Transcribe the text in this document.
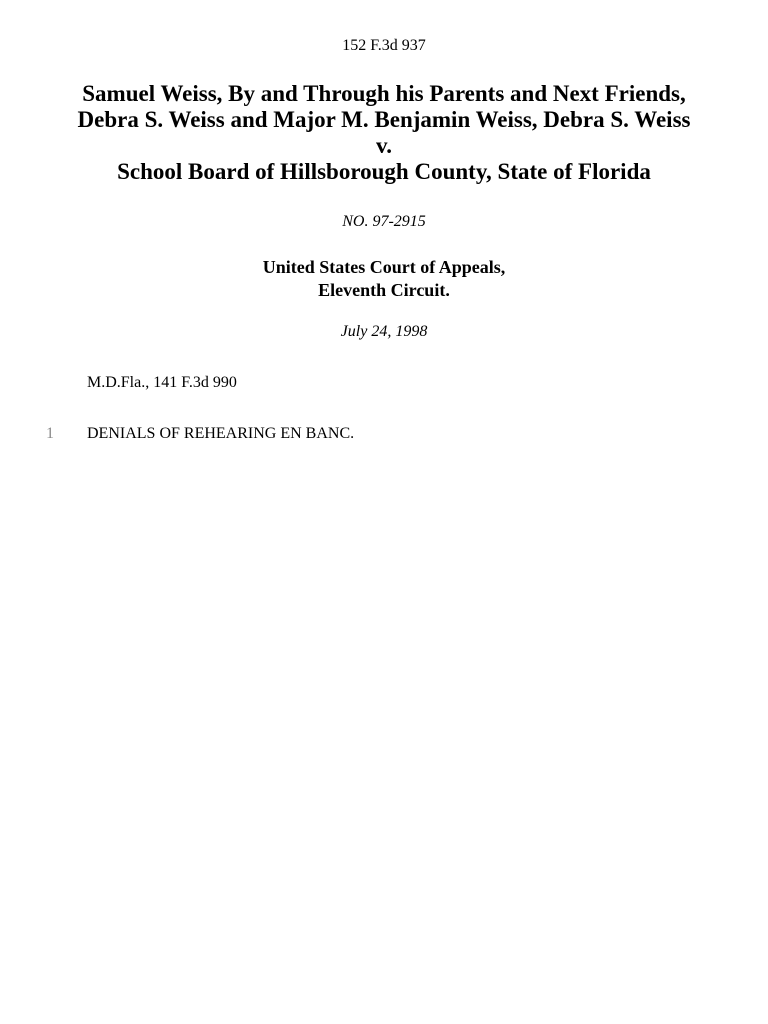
152 F.3d 937
Samuel Weiss, By and Through his Parents and Next Friends,
Debra S. Weiss and Major M. Benjamin Weiss, Debra S. Weiss
v.
School Board of Hillsborough County, State of Florida
NO. 97-2915
United States Court of Appeals,
Eleventh Circuit.
July 24, 1998
M.D.Fla., 141 F.3d 990
1 DENIALS OF REHEARING EN BANC.
